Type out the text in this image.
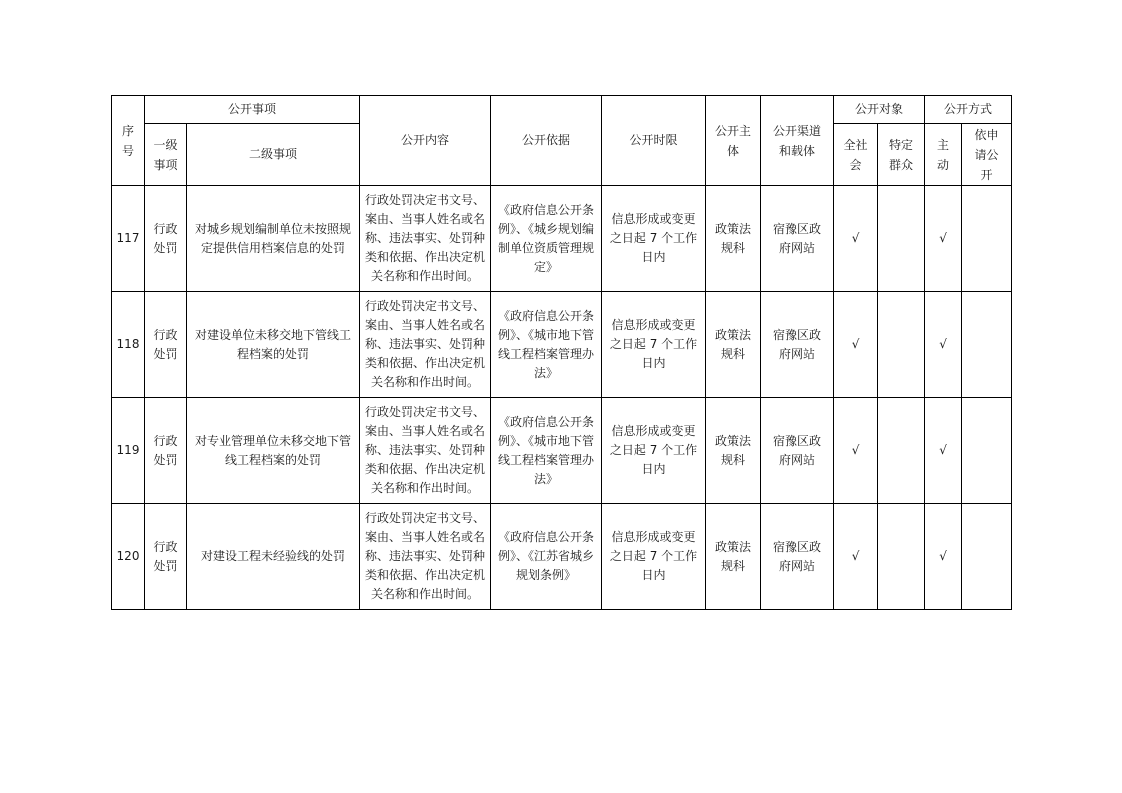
序号	公开事项		公开内容	公开依据	公开时限	公开主体	公开渠道和载体	公开对象		公开方式	
	一级事项	二级事项						全社会	特定群众	主动	依申请公开
117	行政处罚	对城乡规划编制单位未按照规定提供信用档案信息的处罚	行政处罚决定书文号、案由、当事人姓名或名称、违法事实、处罚种类和依据、作出决定机关名称和作出时间。	《政府信息公开条例》、《城乡规划编制单位资质管理规定》	信息形成或变更之日起 7 个工作日内	政策法规科	宿豫区政府网站	√		√	
118	行政处罚	对建设单位未移交地下管线工程档案的处罚	行政处罚决定书文号、案由、当事人姓名或名称、违法事实、处罚种类和依据、作出决定机关名称和作出时间。	《政府信息公开条例》、《城市地下管线工程档案管理办法》	信息形成或变更之日起 7 个工作日内	政策法规科	宿豫区政府网站	√		√	
119	行政处罚	对专业管理单位未移交地下管线工程档案的处罚	行政处罚决定书文号、案由、当事人姓名或名称、违法事实、处罚种类和依据、作出决定机关名称和作出时间。	《政府信息公开条例》、《城市地下管线工程档案管理办法》	信息形成或变更之日起 7 个工作日内	政策法规科	宿豫区政府网站	√		√	
120	行政处罚	对建设工程未经验线的处罚	行政处罚决定书文号、案由、当事人姓名或名称、违法事实、处罚种类和依据、作出决定机关名称和作出时间。	《政府信息公开条例》、《江苏省城乡规划条例》	信息形成或变更之日起 7 个工作日内	政策法规科	宿豫区政府网站	√		√	
